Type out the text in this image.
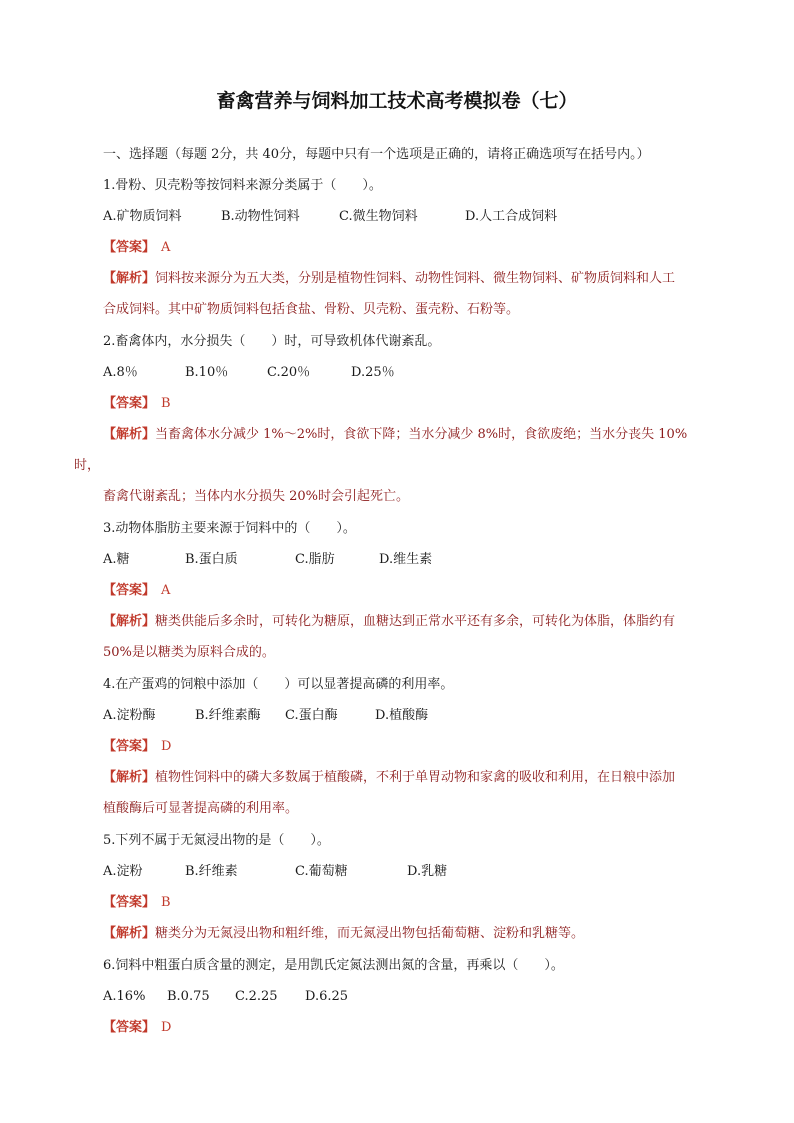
畜禽营养与饲料加工技术高考模拟卷（七）
一、选择题（每题 2分，共 40分，每题中只有一个选项是正确的，请将正确选项写在括号内。）
1.骨粉、贝壳粉等按饲料来源分类属于（　　）。
A.矿物质饲料	B.动物性饲料	C.微生物饲料	D.人工合成饲料
【答案】 A
【解析】饲料按来源分为五大类，分别是植物性饲料、动物性饲料、微生物饲料、矿物质饲料和人工
合成饲料。其中矿物质饲料包括食盐、骨粉、贝壳粉、蛋壳粉、石粉等。
2.畜禽体内，水分损失（　　）时，可导致机体代谢紊乱。
A.8％	B.10％	C.20％	D.25％
【答案】 B
【解析】当畜禽体水分减少 1%～2%时，食欲下降；当水分减少 8%时，食欲废绝；当水分丧失 10%
时，
畜禽代谢紊乱；当体内水分损失 20%时会引起死亡。
3.动物体脂肪主要来源于饲料中的（　　）。
A.糖	B.蛋白质	C.脂肪	D.维生素
【答案】 A
【解析】糖类供能后多余时，可转化为糖原，血糖达到正常水平还有多余，可转化为体脂，体脂约有
50%是以糖类为原料合成的。
4.在产蛋鸡的饲粮中添加（　　）可以显著提高磷的利用率。
A.淀粉酶	B.纤维素酶 C.蛋白酶	D.植酸酶
【答案】 D
【解析】植物性饲料中的磷大多数属于植酸磷，不利于单胃动物和家禽的吸收和利用，在日粮中添加
植酸酶后可显著提高磷的利用率。
5.下列不属于无氮浸出物的是（　　）。
A.淀粉	B.纤维素	C.葡萄糖	D.乳糖
【答案】 B
【解析】糖类分为无氮浸出物和粗纤维，而无氮浸出物包括葡萄糖、淀粉和乳糖等。
6.饲料中粗蛋白质含量的测定，是用凯氏定氮法测出氮的含量，再乘以（　　）。
A.16% B.0.75 C.2.25 D.6.25
【答案】 D
